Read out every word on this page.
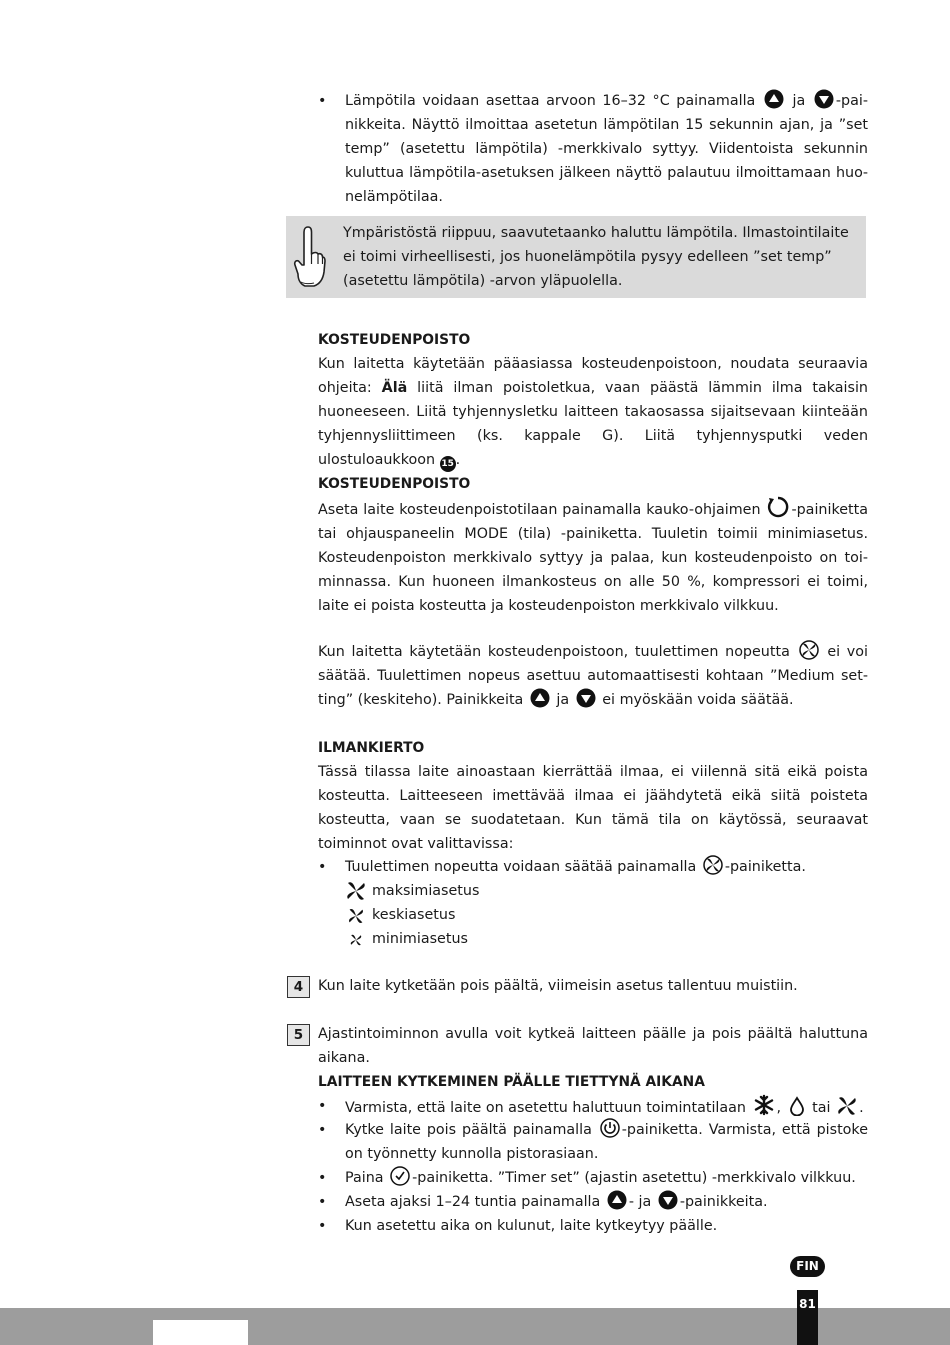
• Lämpötila voidaan asettaa arvoon 16–32 °C painamalla	ja -painikkeita. Näyttö ilmoittaa asetetun lämpötilan 15 sekunnin ajan, ja ”set temp” (asetettu lämpötila) -merkkivalo syttyy. Viidentoista sekunnin kuluttua lämpötila-asetuksen jälkeen näyttö palautuu ilmoittamaan huonelämpötilaa.
Ympäristöstä riippuu, saavutetaanko haluttu lämpötila. Ilmastointilaite ei toimi virheellisesti, jos huonelämpötila pysyy edelleen ”set temp” (asetettu lämpötila) -arvon yläpuolella.
KOSTEUDENPOISTO
Kun laitetta käytetään pääasiassa kosteudenpoistoon, noudata seuraavia ohjeita: Älä liitä ilman poistoletkua, vaan päästä lämmin ilma takaisin huoneeseen. Liitä tyhjennysletku laitteen takaosassa sijaitsevaan kiinteään tyhjennysliittimeen (ks. kappale G). Liitä tyhjennysputki veden ulostuloaukkoon 15 .
KOSTEUDENPOISTO
Aseta laite kosteudenpoistotilaan painamalla kauko-ohjaimen -painiketta tai ohjauspaneelin MODE (tila) -painiketta. Tuuletin toimii minimiasetus. Kosteudenpoiston merkkivalo syttyy ja palaa, kun kosteudenpoisto on toiminnassa. Kun huoneen ilmankosteus on alle 50 %, kompressori ei toimi, laite ei poista kosteutta ja kosteudenpoiston merkkivalo vilkkuu.
Kun laitetta käytetään kosteudenpoistoon, tuulettimen nopeutta	ei voi säätää. Tuulettimen nopeus asettuu automaattisesti kohtaan ”Medium setting” (keskiteho). Painikkeita ja ei myöskään voida säätää.
ILMANKIERTO
Tässä tilassa laite ainoastaan kierrättää ilmaa, ei viilennä sitä eikä poista kosteutta. Laitteeseen imettävää ilmaa ei jäähdytetä eikä siitä poisteta kosteutta, vaan se suodatetaan. Kun tämä tila on käytössä, seuraavat toiminnot ovat valittavissa:
• Tuulettimen nopeutta voidaan säätää painamalla -painiketta.
maksimiasetus
keskiasetus
minimiasetus
4	Kun laite kytketään pois päältä, viimeisin asetus tallentuu muistiin.
5	Ajastintoiminnon avulla voit kytkeä laitteen päälle ja pois päältä haluttuna aikana.
LAITTEEN KYTKEMINEN PÄÄLLE TIETTYNÄ AIKANA
• Varmista, että laite on asetettu haluttuun toimintatilaan , tai .
• Kytke laite pois päältä painamalla -painiketta. Varmista, että pistoke on työnnetty kunnolla pistorasiaan.
• Paina -painiketta. ”Timer set” (ajastin asetettu) -merkkivalo vilkkuu.
• Aseta ajaksi 1–24 tuntia painamalla - ja -painikkeita.
• Kun asetettu aika on kulunut, laite kytkeytyy päälle.
FIN
81
